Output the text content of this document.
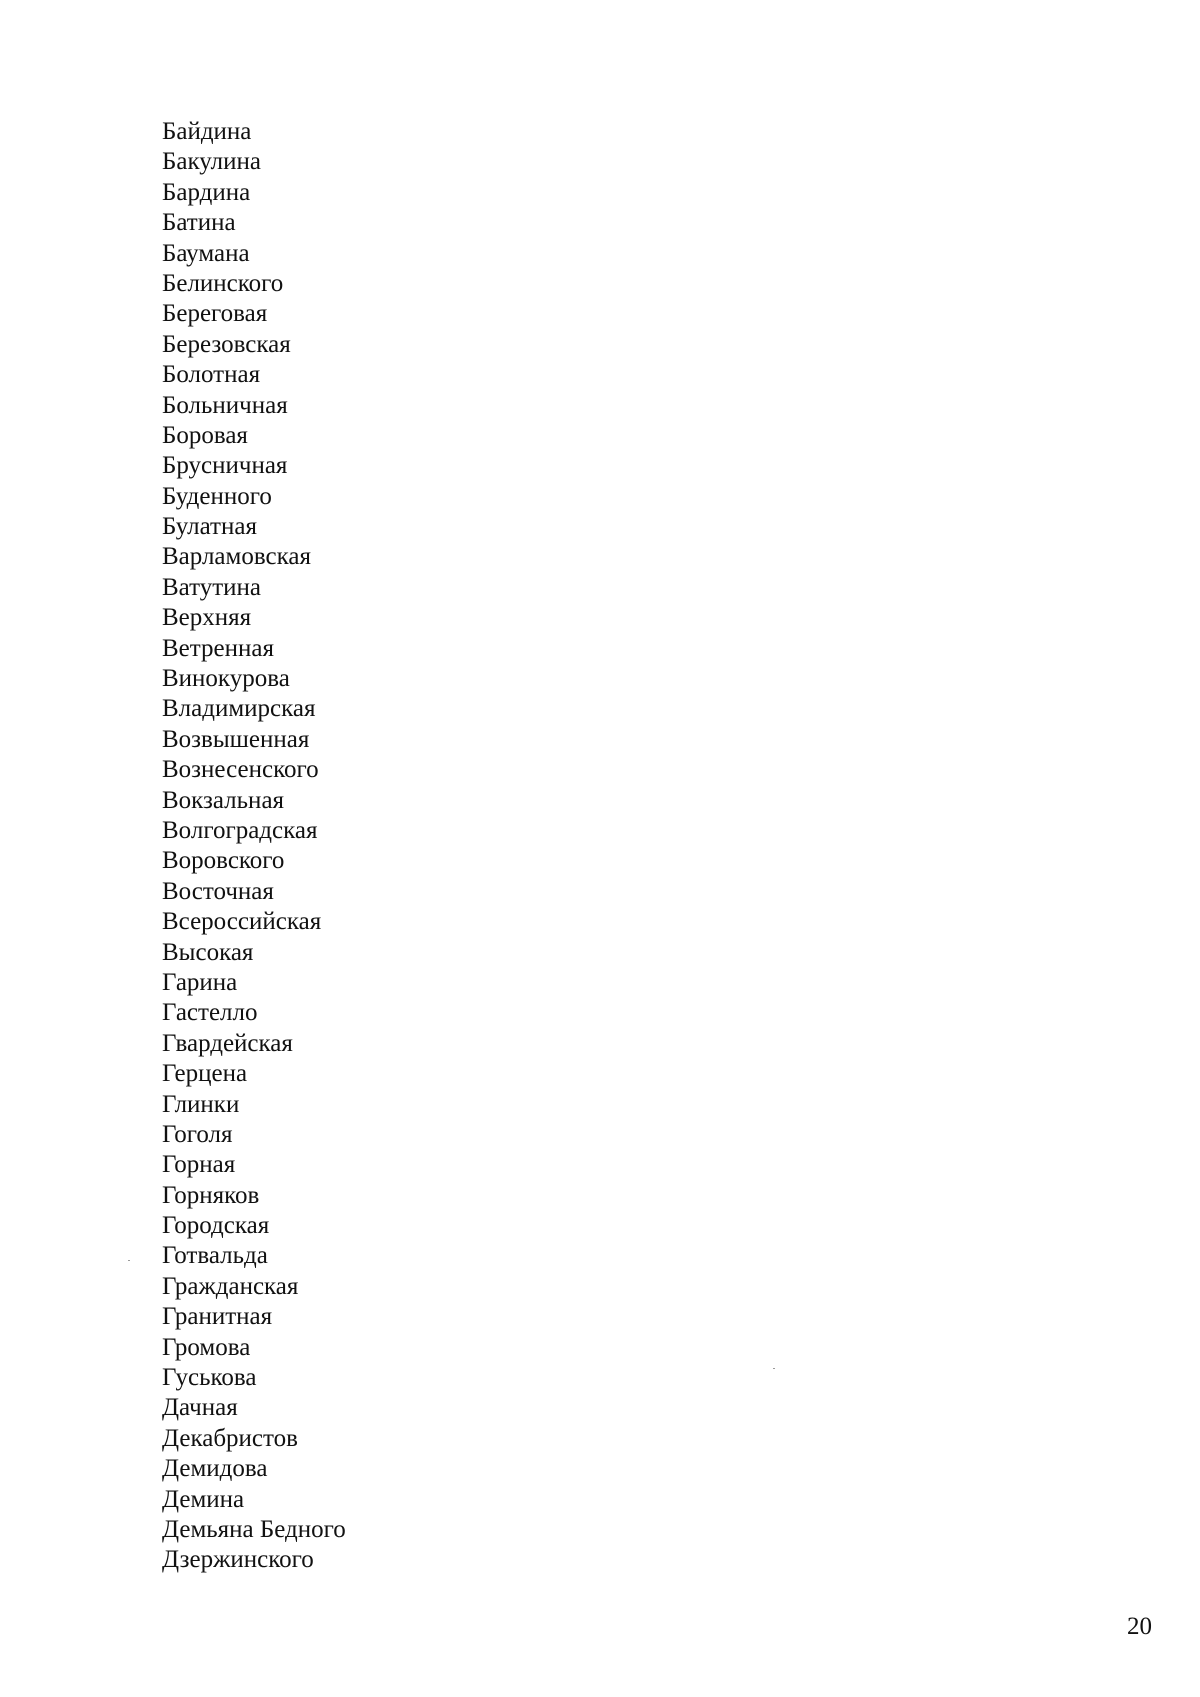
Байдина
Бакулина
Бардина
Батина
Баумана
Белинского
Береговая
Березовская
Болотная
Больничная
Боровая
Брусничная
Буденного
Булатная
Варламовская
Ватутина
Верхняя
Ветренная
Винокурова
Владимирская
Возвышенная
Вознесенского
Вокзальная
Волгоградская
Воровского
Восточная
Всероссийская
Высокая
Гарина
Гастелло
Гвардейская
Герцена
Глинки
Гоголя
Горная
Горняков
Городская
Готвальда
Гражданская
Гранитная
Громова
Гуськова
Дачная
Декабристов
Демидова
Демина
Демьяна Бедного
Дзержинского
20
